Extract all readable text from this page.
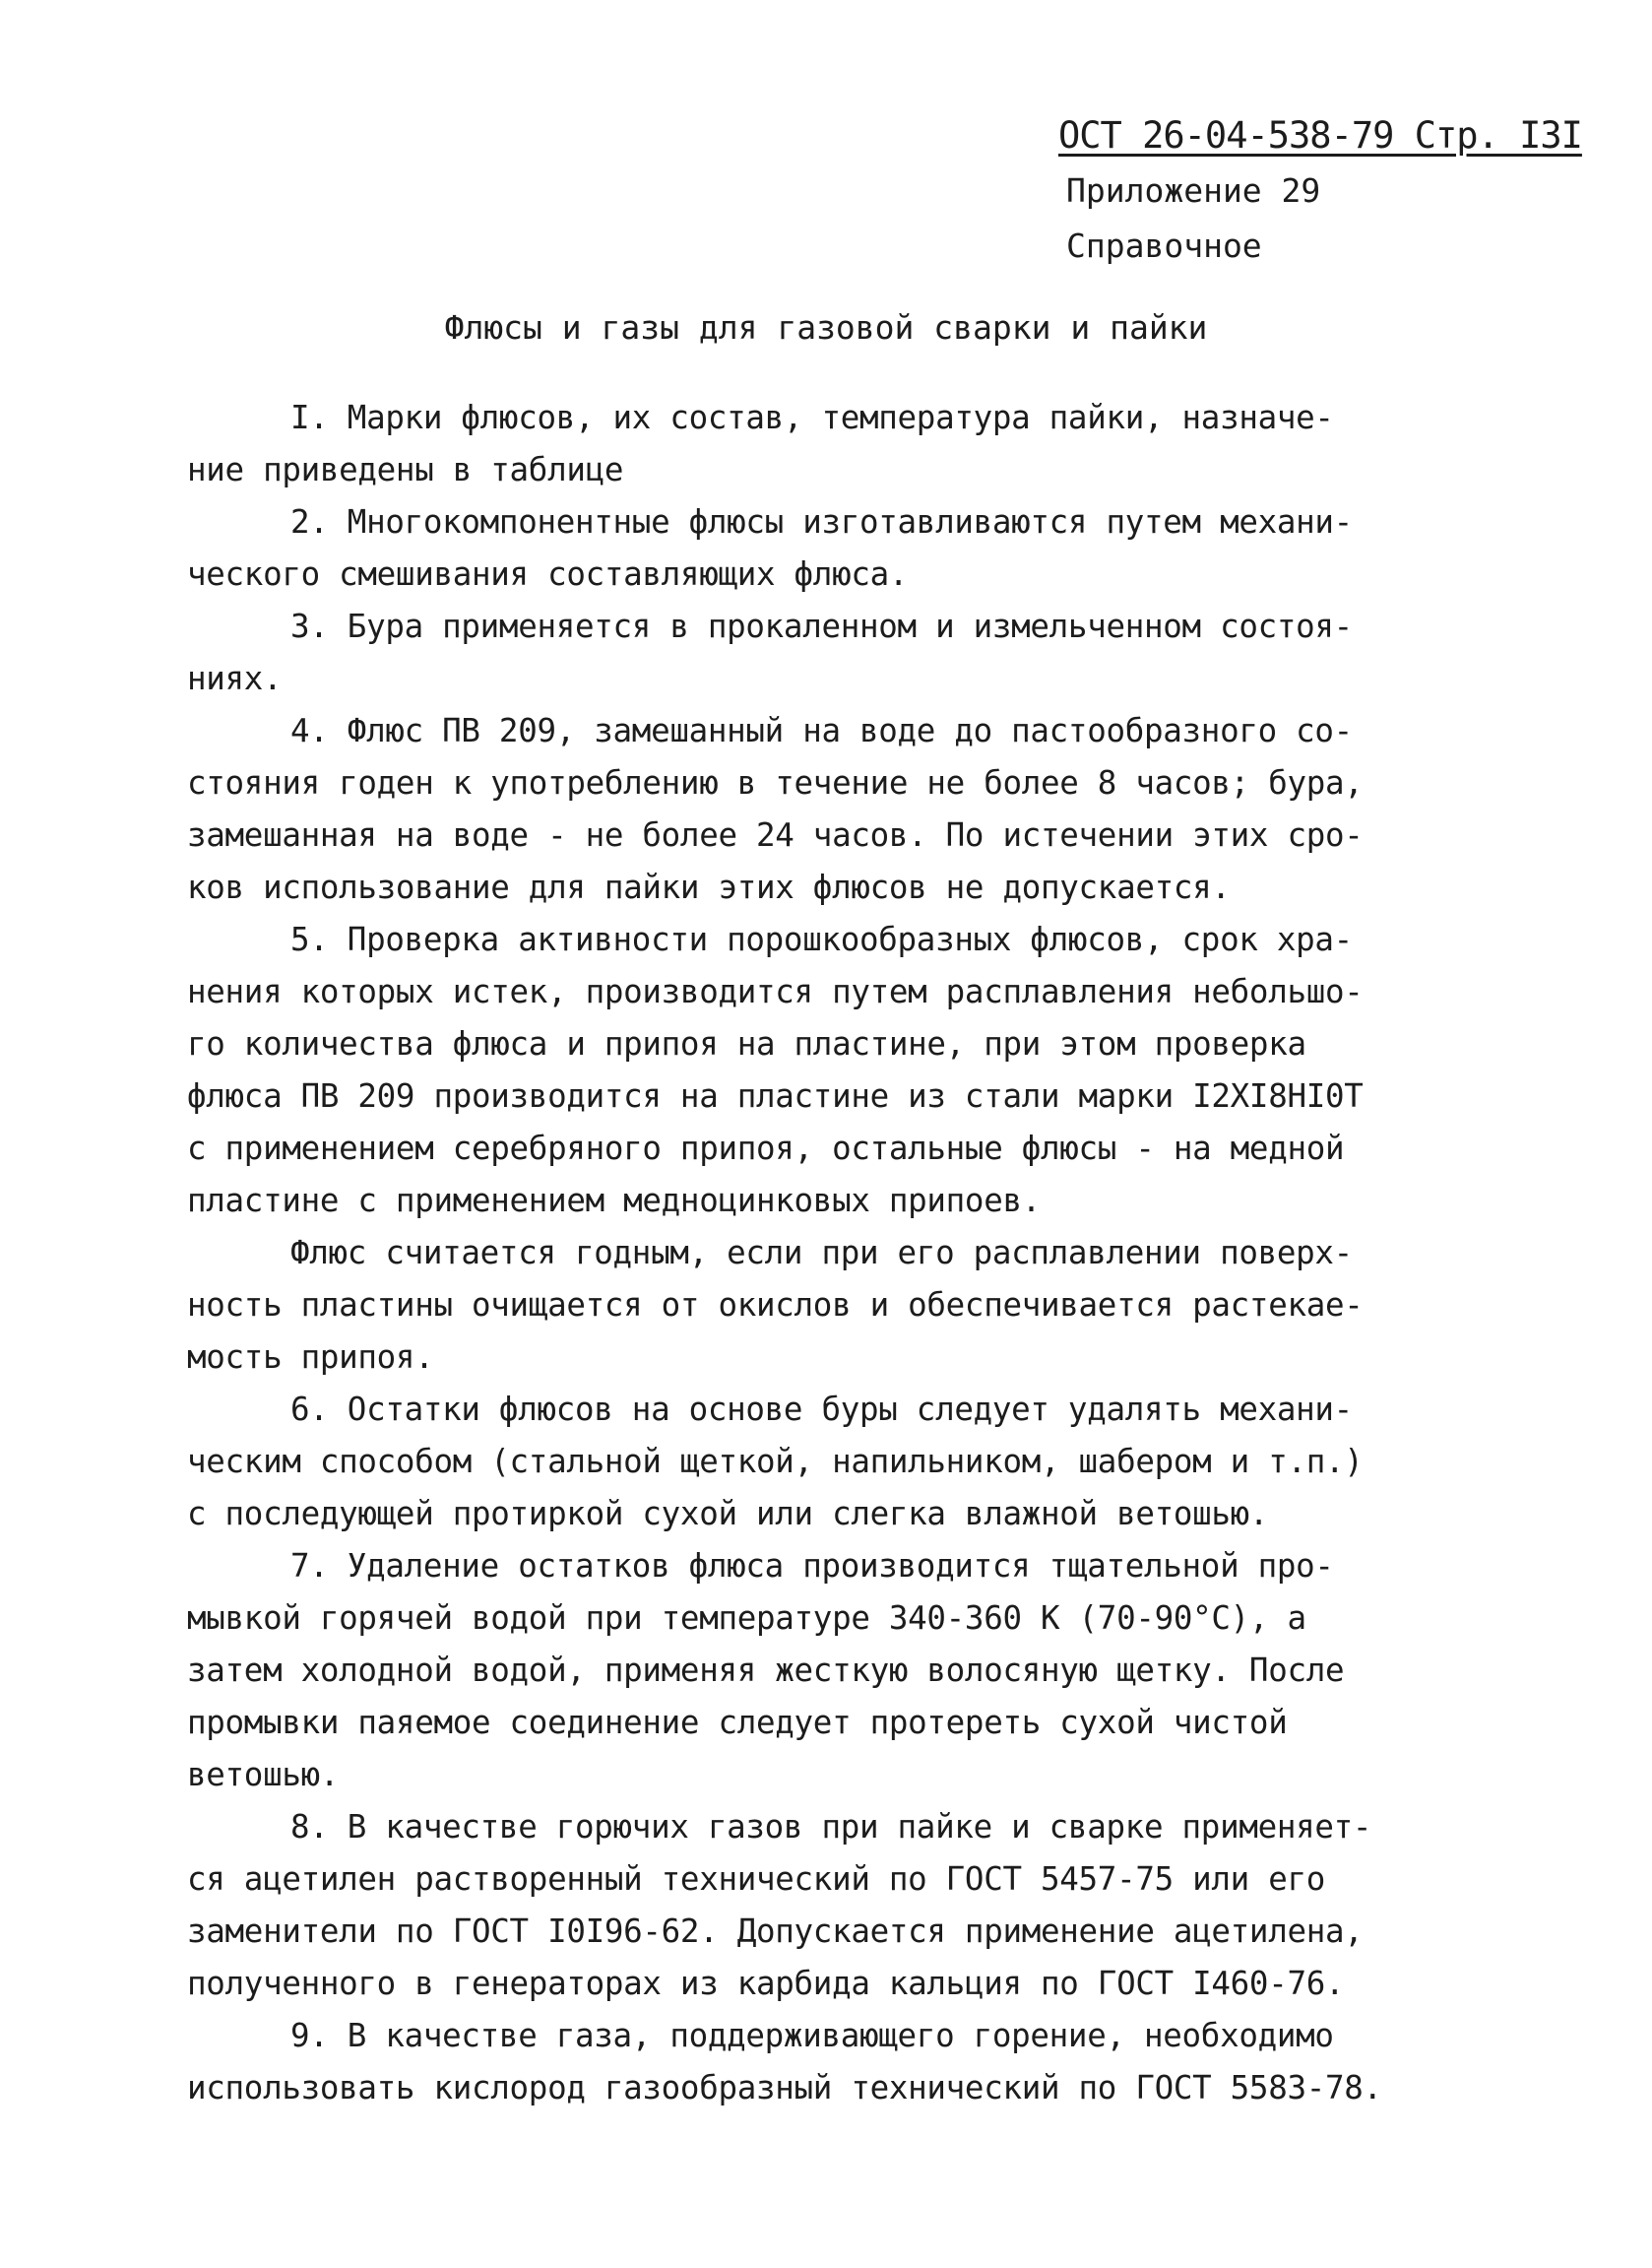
ОСТ 26-04-538-79 Стр. I3I
Приложение 29
Справочное
Флюсы и газы для газовой сварки и пайки
I. Марки флюсов, их состав, температура пайки, назначе-
ние приведены в таблице
2. Многокомпонентные флюсы изготавливаются путем механи-
ческого смешивания составляющих флюса.
3. Бура применяется в прокаленном и измельченном состоя-
ниях.
4. Флюс ПВ 209, замешанный на воде до пастообразного со-
стояния годен к употреблению в течение не более 8 часов; бура,
замешанная на воде - не более 24 часов. По истечении этих сро-
ков использование для пайки этих флюсов не допускается.
5. Проверка активности порошкообразных флюсов, срок хра-
нения которых истек, производится путем расплавления небольшо-
го количества флюса и припоя на пластине, при этом проверка
флюса ПВ 209 производится на пластине из стали марки I2XI8HI0T
с применением серебряного припоя, остальные флюсы - на медной
пластине с применением медноцинковых припоев.
Флюс считается годным, если при его расплавлении поверх-
ность пластины очищается от окислов и обеспечивается растекае-
мость припоя.
6. Остатки флюсов на основе буры следует удалять механи-
ческим способом (стальной щеткой, напильником, шабером и т.п.)
с последующей протиркой сухой или слегка влажной ветошью.
7. Удаление остатков флюса производится тщательной про-
мывкой горячей водой при температуре 340-360 К (70-90°С), а
затем холодной водой, применяя жесткую волосяную щетку. После
промывки паяемое соединение следует протереть сухой чистой
ветошью.
8. В качестве горючих газов при пайке и сварке применяет-
ся ацетилен растворенный технический по ГОСТ 5457-75 или его
заменители по ГОСТ I0I96-62. Допускается применение ацетилена,
полученного в генераторах из карбида кальция по ГОСТ I460-76.
9. В качестве газа, поддерживающего горение, необходимо
использовать кислород газообразный технический по ГОСТ 5583-78.
